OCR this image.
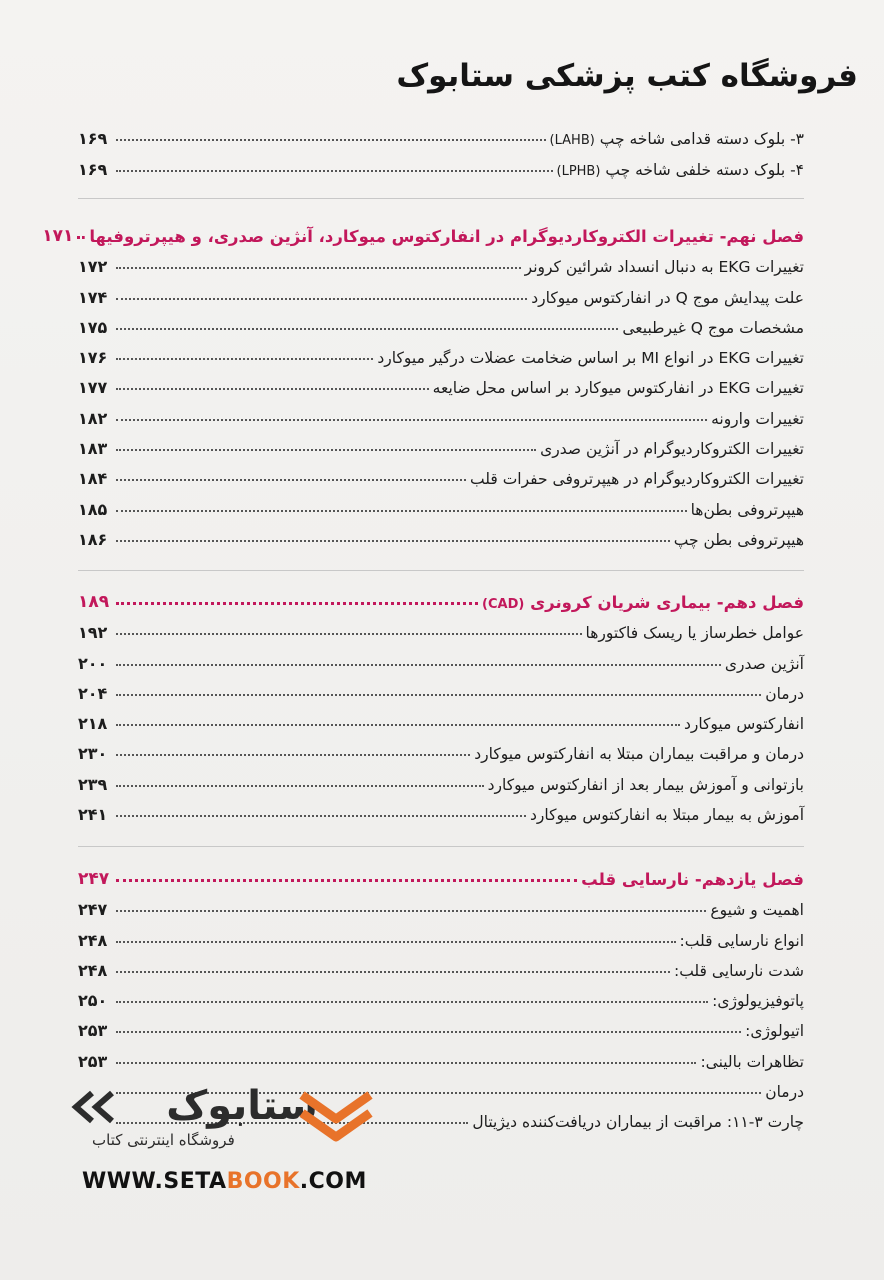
فروشگاه کتب پزشکی ستابوک
۳- بلوک دسته قدامی شاخه چپ (LAHB)
۱۶۹
۴- بلوک دسته خلفی شاخه چپ (LPHB)
۱۶۹
فصل نهم- تغییرات الکتروکاردیوگرام در انفارکتوس میوکارد، آنژین صدری، و هیپرتروفیها
۱۷۱
تغییرات EKG به دنبال انسداد شرائین کرونر
۱۷۲
علت پیدایش موج Q در انفارکتوس میوکارد
۱۷۴
مشخصات موج Q غیرطبیعی
۱۷۵
تغییرات EKG در انواع MI بر اساس ضخامت عضلات درگیر میوکارد
۱۷۶
تغییرات EKG در انفارکتوس میوکارد بر اساس محل ضایعه
۱۷۷
تغییرات وارونه
۱۸۲
تغییرات الکتروکاردیوگرام در آنژین صدری
۱۸۳
تغییرات الکتروکاردیوگرام در هیپرتروفی حفرات قلب
۱۸۴
هیپرتروفی بطن‌ها
۱۸۵
هیپرتروفی بطن چپ
۱۸۶
فصل دهم- بیماری شریان کرونری (CAD)
۱۸۹
عوامل خطرساز یا ریسک فاکتورها
۱۹۲
آنژین صدری
۲۰۰
درمان
۲۰۴
انفارکتوس میوکارد
۲۱۸
درمان و مراقبت بیماران مبتلا به انفارکتوس میوکارد
۲۳۰
بازتوانی و آموزش بیمار بعد از انفارکتوس میوکارد
۲۳۹
آموزش به بیمار مبتلا به انفارکتوس میوکارد
۲۴۱
فصل یازدهم- نارسایی قلب
۲۴۷
اهمیت و شیوع
۲۴۷
انواع نارسایی قلب:
۲۴۸
شدت نارسایی قلب:
۲۴۸
پاتوفیزیولوژی:
۲۵۰
اتیولوژی:
۲۵۳
تظاهرات بالینی:
۲۵۳
درمان
چارت ۳-۱۱: مراقبت از بیماران دریافت‌کننده دیژیتال
ستابوک
فروشگاه اینترنتی کتاب
WWW.SETABOOK.COM
